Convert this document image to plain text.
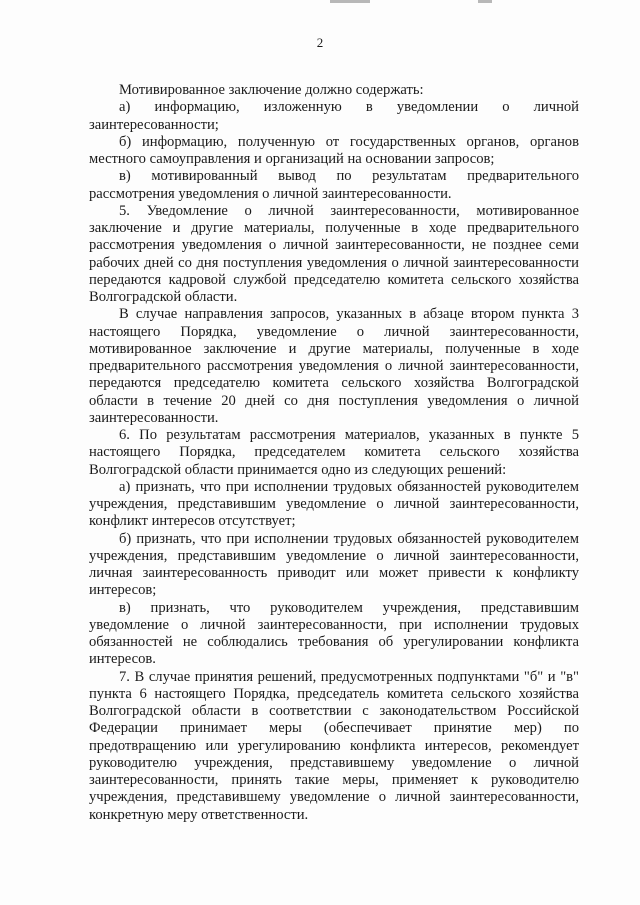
2

Мотивированное заключение должно содержать:

а) информацию, изложенную в уведомлении о личной заинтересованности;

б) информацию, полученную от государственных органов, органов местного самоуправления и организаций на основании запросов;

в) мотивированный вывод по результатам предварительного рассмотрения уведомления о личной заинтересованности.

5. Уведомление о личной заинтересованности, мотивированное заключение и другие материалы, полученные в ходе предварительного рассмотрения уведомления о личной заинтересованности, не позднее семи рабочих дней со дня поступления уведомления о личной заинтересованности передаются кадровой службой председателю комитета сельского хозяйства Волгоградской области.

В случае направления запросов, указанных в абзаце втором пункта 3 настоящего Порядка, уведомление о личной заинтересованности, мотивированное заключение и другие материалы, полученные в ходе предварительного рассмотрения уведомления о личной заинтересованности, передаются председателю комитета сельского хозяйства Волгоградской области в течение 20 дней со дня поступления уведомления о личной заинтересованности.

6. По результатам рассмотрения материалов, указанных в пункте 5 настоящего Порядка, председателем комитета сельского хозяйства Волгоградской области принимается одно из следующих решений:

а) признать, что при исполнении трудовых обязанностей руководителем учреждения, представившим уведомление о личной заинтересованности, конфликт интересов отсутствует;

б) признать, что при исполнении трудовых обязанностей руководителем учреждения, представившим уведомление о личной заинтересованности, личная заинтересованность приводит или может привести к конфликту интересов;

в) признать, что руководителем учреждения, представившим уведомление о личной заинтересованности, при исполнении трудовых обязанностей не соблюдались требования об урегулировании конфликта интересов.

7. В случае принятия решений, предусмотренных подпунктами "б" и "в" пункта 6 настоящего Порядка, председатель комитета сельского хозяйства Волгоградской области в соответствии с законодательством Российской Федерации принимает меры (обеспечивает принятие мер) по предотвращению или урегулированию конфликта интересов, рекомендует руководителю учреждения, представившему уведомление о личной заинтересованности, принять такие меры, применяет к руководителю учреждения, представившему уведомление о личной заинтересованности, конкретную меру ответственности.
